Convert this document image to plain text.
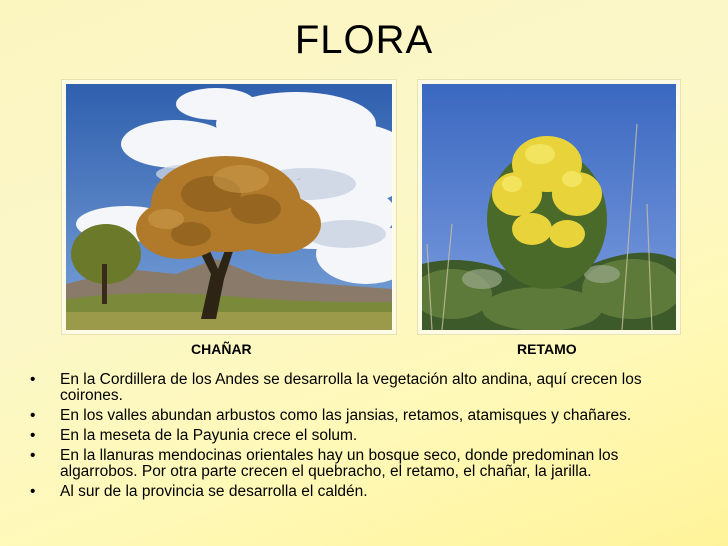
FLORA
CHAÑAR	RETAMO
• En la Cordillera de los Andes se desarrolla la vegetación alto andina, aquí crecen los coirones.
• En los valles abundan arbustos como las jansias, retamos, atamisques y chañares.
• En la meseta de la Payunia crece el solum.
• En la llanuras mendocinas orientales hay un bosque seco, donde predominan los algarrobos. Por otra parte crecen el quebracho, el retamo, el chañar, la jarilla.
• Al sur de la provincia se desarrolla el caldén.
